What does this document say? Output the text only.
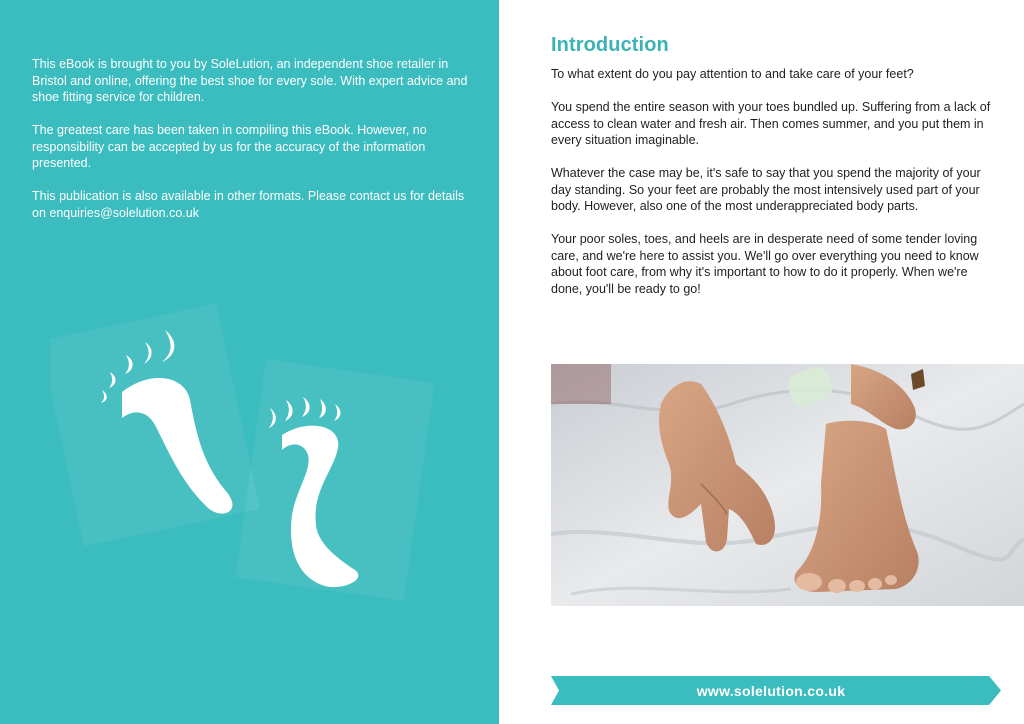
This eBook is brought to you by SoleLution, an independent shoe retailer in Bristol and online, offering the best shoe for every sole. With expert advice and shoe fitting service for children.

The greatest care has been taken in compiling this eBook. However, no responsibility can be accepted by us for the accuracy of the information presented.

This publication is also available in other formats. Please contact us for details on enquiries@solelution.co.uk

Introduction

To what extent do you pay attention to and take care of your feet?

You spend the entire season with your toes bundled up. Suffering from a lack of access to clean water and fresh air. Then comes summer, and you put them in every situation imaginable.

Whatever the case may be, it's safe to say that you spend the majority of your day standing. So your feet are probably the most intensively used part of your body. However, also one of the most underappreciated body parts.

Your poor soles, toes, and heels are in desperate need of some tender loving care, and we're here to assist you. We'll go over everything you need to know about foot care, from why it's important to how to do it properly. When we're done, you'll be ready to go!

www.solelution.co.uk
